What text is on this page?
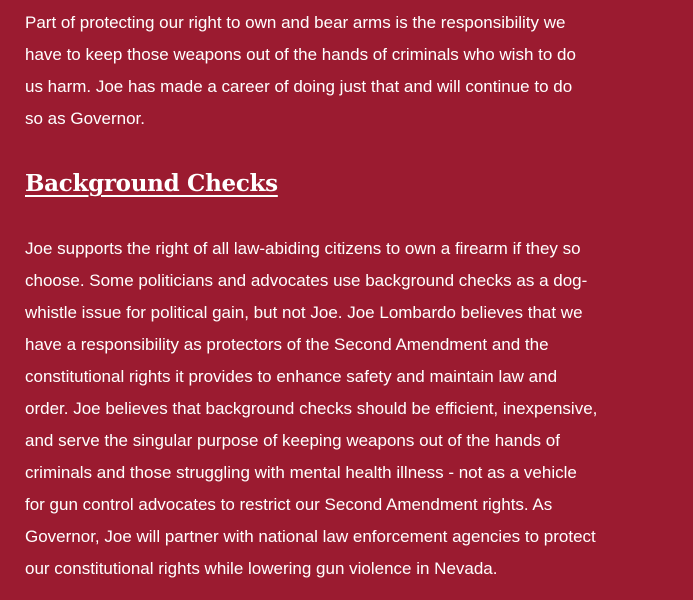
Part of protecting our right to own and bear arms is the responsibility we
have to keep those weapons out of the hands of criminals who wish to do
us harm. Joe has made a career of doing just that and will continue to do
so as Governor.

Background Checks

Joe supports the right of all law-abiding citizens to own a firearm if they so
choose. Some politicians and advocates use background checks as a dog-
whistle issue for political gain, but not Joe. Joe Lombardo believes that we
have a responsibility as protectors of the Second Amendment and the
constitutional rights it provides to enhance safety and maintain law and
order. Joe believes that background checks should be efficient, inexpensive,
and serve the singular purpose of keeping weapons out of the hands of
criminals and those struggling with mental health illness - not as a vehicle
for gun control advocates to restrict our Second Amendment rights. As
Governor, Joe will partner with national law enforcement agencies to protect
our constitutional rights while lowering gun violence in Nevada.
